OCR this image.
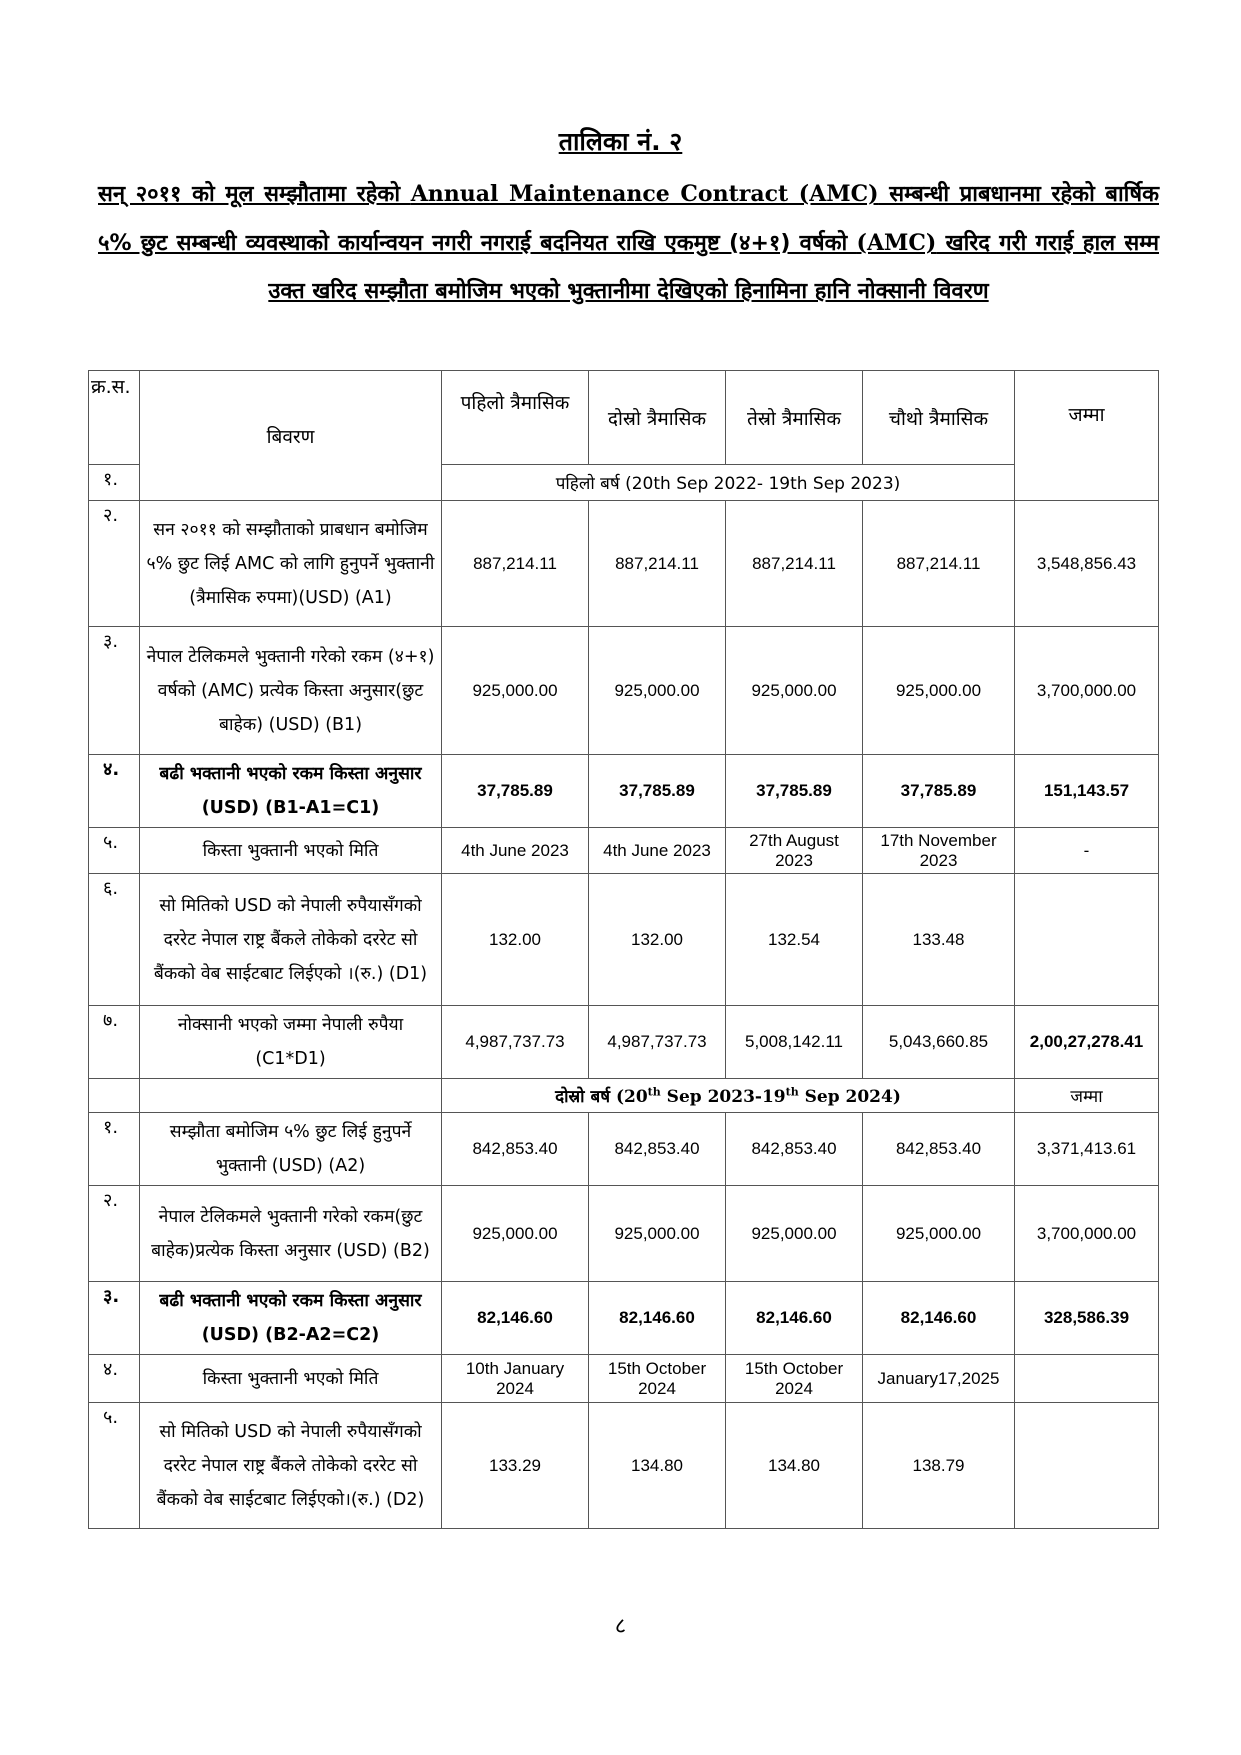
तालिका नं. २
सन् २०११ को मूल सम्झौतामा रहेको Annual Maintenance Contract (AMC) सम्बन्धी प्राबधानमा रहेको बार्षिक ५% छुट सम्बन्धी व्यवस्थाको कार्यान्वयन नगरी नगराई बदनियत राखि एकमुष्ट (४+१) वर्षको (AMC) खरिद गरी गराई हाल सम्म उक्त खरिद सम्झौता बमोजिम भएको भुक्तानीमा देखिएको हिनामिना हानि नोक्सानी विवरण
क्र.स.	बिवरण	पहिलो त्रैमासिक	दोस्रो त्रैमासिक	तेस्रो त्रैमासिक	चौथो त्रैमासिक	जम्मा
१.		पहिलो बर्ष (20th Sep 2022- 19th Sep 2023)				
२.	सन २०११ को सम्झौताको प्राबधान बमोजिम ५% छुट लिई AMC को लागि हुनुपर्ने भुक्तानी (त्रैमासिक रुपमा)(USD) (A1)	887,214.11	887,214.11	887,214.11	887,214.11	3,548,856.43
३.	नेपाल टेलिकमले भुक्तानी गरेको रकम (४+१) वर्षको (AMC) प्रत्येक किस्ता अनुसार(छुट बाहेक) (USD) (B1)	925,000.00	925,000.00	925,000.00	925,000.00	3,700,000.00
४.	बढी भक्तानी भएको रकम किस्ता अनुसार (USD) (B1-A1=C1)	37,785.89	37,785.89	37,785.89	37,785.89	151,143.57
५.	किस्ता भुक्तानी भएको मिति	4th June 2023	4th June 2023	27th August 2023	17th November 2023	-
६.	सो मितिको USD को नेपाली रुपैयासँगको दररेट नेपाल राष्ट्र बैंकले तोकेको दररेट सो बैंकको वेब साईटबाट लिईएको ।(रु.) (D1)	132.00	132.00	132.54	133.48	
७.	नोक्सानी भएको जम्मा नेपाली रुपैया (C1*D1)	4,987,737.73	4,987,737.73	5,008,142.11	5,043,660.85	2,00,27,278.41
		दोस्रो बर्ष (20th Sep 2023-19th Sep 2024)				जम्मा
१.	सम्झौता बमोजिम ५% छुट लिई हुनुपर्ने भुक्तानी (USD) (A2)	842,853.40	842,853.40	842,853.40	842,853.40	3,371,413.61
२.	नेपाल टेलिकमले भुक्तानी गरेको रकम(छुट बाहेक)प्रत्येक किस्ता अनुसार (USD) (B2)	925,000.00	925,000.00	925,000.00	925,000.00	3,700,000.00
३.	बढी भक्तानी भएको रकम किस्ता अनुसार (USD) (B2-A2=C2)	82,146.60	82,146.60	82,146.60	82,146.60	328,586.39
४.	किस्ता भुक्तानी भएको मिति	10th January 2024	15th October 2024	15th October 2024	January17,2025	
५.	सो मितिको USD को नेपाली रुपैयासँगको दररेट नेपाल राष्ट्र बैंकले तोकेको दररेट सो बैंकको वेब साईटबाट लिईएको।(रु.) (D2)	133.29	134.80	134.80	138.79	
८
